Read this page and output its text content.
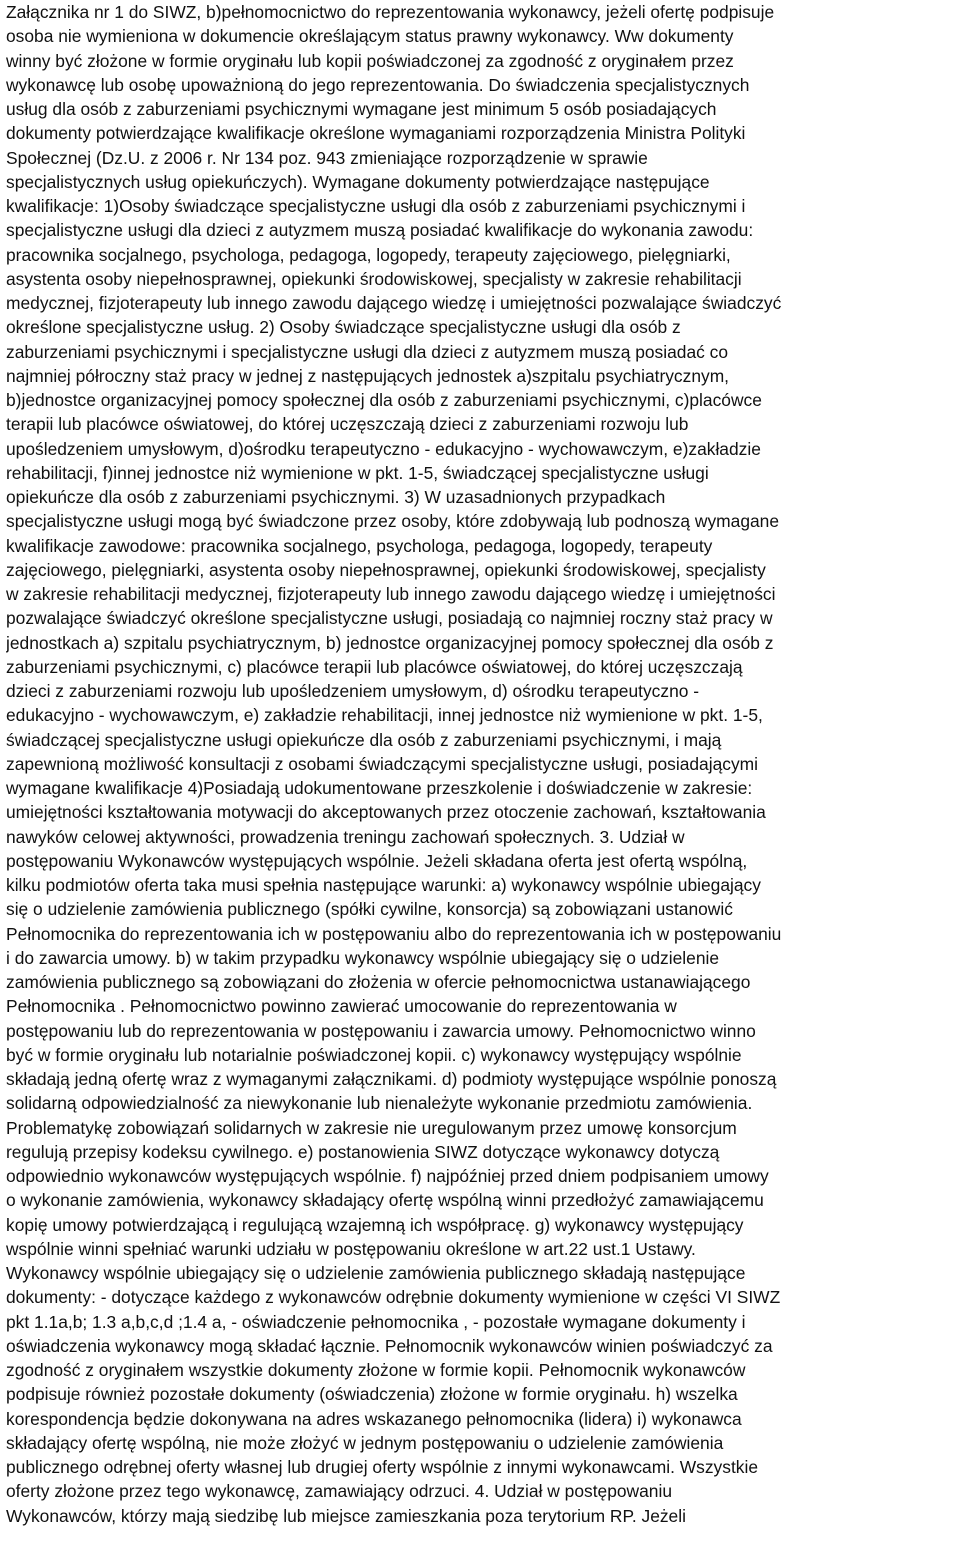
Załącznika nr 1 do SIWZ, b)pełnomocnictwo do reprezentowania wykonawcy, jeżeli ofertę podpisuje
osoba nie wymieniona w dokumencie określającym status prawny wykonawcy. Ww dokumenty
winny być złożone w formie oryginału lub kopii poświadczonej za zgodność z oryginałem przez
wykonawcę lub osobę upoważnioną do jego reprezentowania. Do świadczenia specjalistycznych
usług dla osób z zaburzeniami psychicznymi wymagane jest minimum 5 osób posiadających
dokumenty potwierdzające kwalifikacje określone wymaganiami rozporządzenia Ministra Polityki
Społecznej (Dz.U. z 2006 r. Nr 134 poz. 943 zmieniające rozporządzenie w sprawie
specjalistycznych usług opiekuńczych). Wymagane dokumenty potwierdzające następujące
kwalifikacje: 1)Osoby świadczące specjalistyczne usługi dla osób z zaburzeniami psychicznymi i
specjalistyczne usługi dla dzieci z autyzmem muszą posiadać kwalifikacje do wykonania zawodu:
pracownika socjalnego, psychologa, pedagoga, logopedy, terapeuty zajęciowego, pielęgniarki,
asystenta osoby niepełnosprawnej, opiekunki środowiskowej, specjalisty w zakresie rehabilitacji
medycznej, fizjoterapeuty lub innego zawodu dającego wiedzę i umiejętności pozwalające świadczyć
określone specjalistyczne usług. 2) Osoby świadczące specjalistyczne usługi dla osób z
zaburzeniami psychicznymi i specjalistyczne usługi dla dzieci z autyzmem muszą posiadać co
najmniej półroczny staż pracy w jednej z następujących jednostek a)szpitalu psychiatrycznym,
b)jednostce organizacyjnej pomocy społecznej dla osób z zaburzeniami psychicznymi, c)placówce
terapii lub placówce oświatowej, do której uczęszczają dzieci z zaburzeniami rozwoju lub
upośledzeniem umysłowym, d)ośrodku terapeutyczno - edukacyjno - wychowawczym, e)zakładzie
rehabilitacji, f)innej jednostce niż wymienione w pkt. 1-5, świadczącej specjalistyczne usługi
opiekuńcze dla osób z zaburzeniami psychicznymi. 3) W uzasadnionych przypadkach
specjalistyczne usługi mogą być świadczone przez osoby, które zdobywają lub podnoszą wymagane
kwalifikacje zawodowe: pracownika socjalnego, psychologa, pedagoga, logopedy, terapeuty
zajęciowego, pielęgniarki, asystenta osoby niepełnosprawnej, opiekunki środowiskowej, specjalisty
w zakresie rehabilitacji medycznej, fizjoterapeuty lub innego zawodu dającego wiedzę i umiejętności
pozwalające świadczyć określone specjalistyczne usługi, posiadają co najmniej roczny staż pracy w
jednostkach a) szpitalu psychiatrycznym, b) jednostce organizacyjnej pomocy społecznej dla osób z
zaburzeniami psychicznymi, c) placówce terapii lub placówce oświatowej, do której uczęszczają
dzieci z zaburzeniami rozwoju lub upośledzeniem umysłowym, d) ośrodku terapeutyczno -
edukacyjno - wychowawczym, e) zakładzie rehabilitacji, innej jednostce niż wymienione w pkt. 1-5,
świadczącej specjalistyczne usługi opiekuńcze dla osób z zaburzeniami psychicznymi, i mają
zapewnioną możliwość konsultacji z osobami świadczącymi specjalistyczne usługi, posiadającymi
wymagane kwalifikacje 4)Posiadają udokumentowane przeszkolenie i doświadczenie w zakresie:
umiejętności kształtowania motywacji do akceptowanych przez otoczenie zachowań, kształtowania
nawyków celowej aktywności, prowadzenia treningu zachowań społecznych. 3. Udział w
postępowaniu Wykonawców występujących wspólnie. Jeżeli składana oferta jest ofertą wspólną,
kilku podmiotów oferta taka musi spełnia następujące warunki: a) wykonawcy wspólnie ubiegający
się o udzielenie zamówienia publicznego (spółki cywilne, konsorcja) są zobowiązani ustanowić
Pełnomocnika do reprezentowania ich w postępowaniu albo do reprezentowania ich w postępowaniu
i do zawarcia umowy. b) w takim przypadku wykonawcy wspólnie ubiegający się o udzielenie
zamówienia publicznego są zobowiązani do złożenia w ofercie pełnomocnictwa ustanawiającego
Pełnomocnika . Pełnomocnictwo powinno zawierać umocowanie do reprezentowania w
postępowaniu lub do reprezentowania w postępowaniu i zawarcia umowy. Pełnomocnictwo winno
być w formie oryginału lub notarialnie poświadczonej kopii. c) wykonawcy występujący wspólnie
składają jedną ofertę wraz z wymaganymi załącznikami. d) podmioty występujące wspólnie ponoszą
solidarną odpowiedzialność za niewykonanie lub nienależyte wykonanie przedmiotu zamówienia.
Problematykę zobowiązań solidarnych w zakresie nie uregulowanym przez umowę konsorcjum
regulują przepisy kodeksu cywilnego. e) postanowienia SIWZ dotyczące wykonawcy dotyczą
odpowiednio wykonawców występujących wspólnie. f) najpóźniej przed dniem podpisaniem umowy
o wykonanie zamówienia, wykonawcy składający ofertę wspólną winni przedłożyć zamawiającemu
kopię umowy potwierdzającą i regulującą wzajemną ich współpracę. g) wykonawcy występujący
wspólnie winni spełniać warunki udziału w postępowaniu określone w art.22 ust.1 Ustawy.
Wykonawcy wspólnie ubiegający się o udzielenie zamówienia publicznego składają następujące
dokumenty: - dotyczące każdego z wykonawców odrębnie dokumenty wymienione w części VI SIWZ
pkt 1.1a,b; 1.3 a,b,c,d ;1.4 a, - oświadczenie pełnomocnika , - pozostałe wymagane dokumenty i
oświadczenia wykonawcy mogą składać łącznie. Pełnomocnik wykonawców winien poświadczyć za
zgodność z oryginałem wszystkie dokumenty złożone w formie kopii. Pełnomocnik wykonawców
podpisuje również pozostałe dokumenty (oświadczenia) złożone w formie oryginału. h) wszelka
korespondencja będzie dokonywana na adres wskazanego pełnomocnika (lidera) i) wykonawca
składający ofertę wspólną, nie może złożyć w jednym postępowaniu o udzielenie zamówienia
publicznego odrębnej oferty własnej lub drugiej oferty wspólnie z innymi wykonawcami. Wszystkie
oferty złożone przez tego wykonawcę, zamawiający odrzuci. 4. Udział w postępowaniu
Wykonawców, którzy mają siedzibę lub miejsce zamieszkania poza terytorium RP. Jeżeli
